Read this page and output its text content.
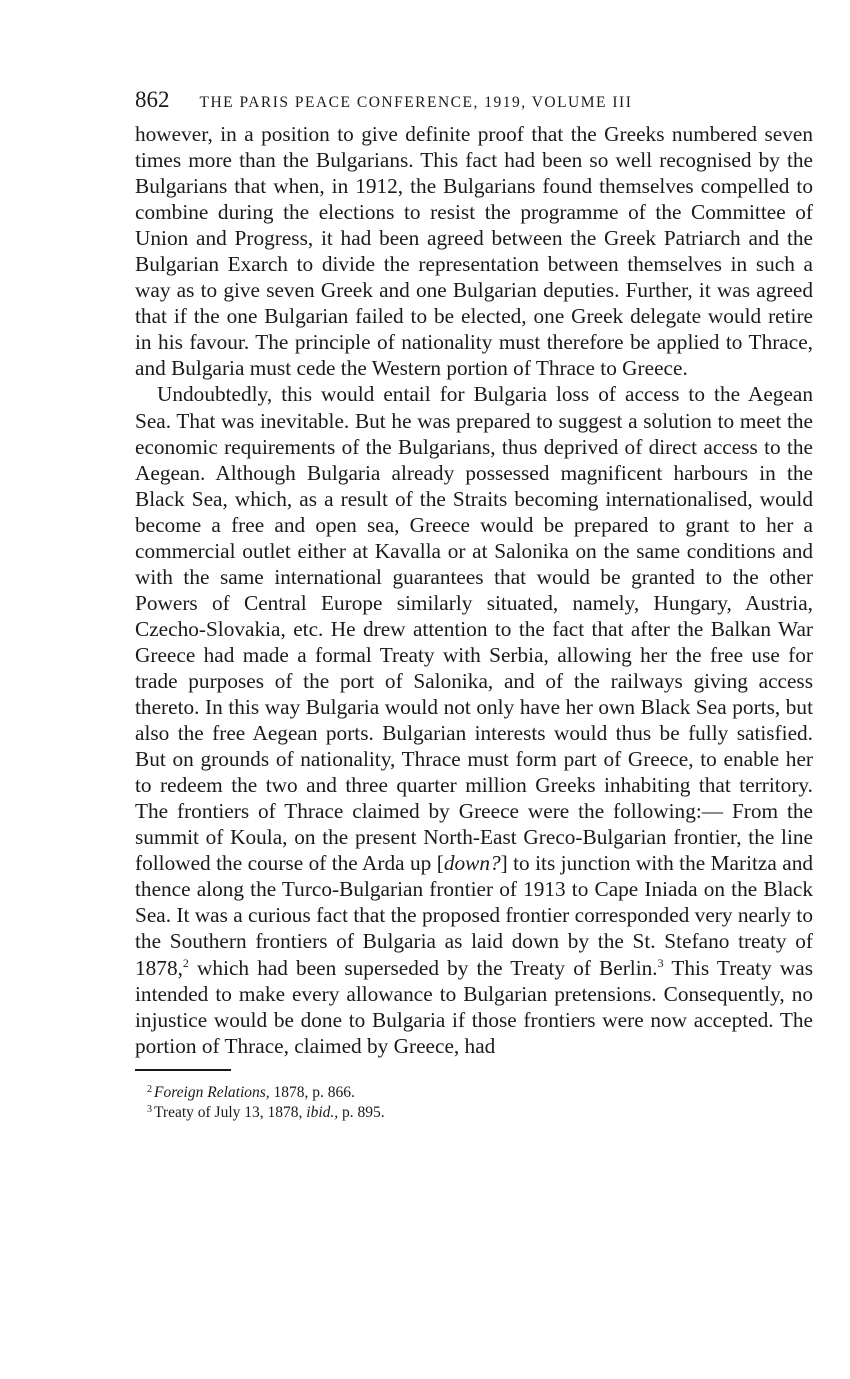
862 THE PARIS PEACE CONFERENCE, 1919, VOLUME III

however, in a position to give definite proof that the Greeks numbered seven times more than the Bulgarians. This fact had been so well recognised by the Bulgarians that when, in 1912, the Bulgarians found themselves compelled to combine during the elections to resist the programme of the Committee of Union and Progress, it had been agreed between the Greek Patriarch and the Bulgarian Exarch to divide the representation between themselves in such a way as to give seven Greek and one Bulgarian deputies. Further, it was agreed that if the one Bulgarian failed to be elected, one Greek delegate would retire in his favour. The principle of nationality must therefore be applied to Thrace, and Bulgaria must cede the Western portion of Thrace to Greece.

Undoubtedly, this would entail for Bulgaria loss of access to the Aegean Sea. That was inevitable. But he was prepared to suggest a solution to meet the economic requirements of the Bulgarians, thus deprived of direct access to the Aegean. Although Bulgaria already possessed magnificent harbours in the Black Sea, which, as a result of the Straits becoming internationalised, would become a free and open sea, Greece would be prepared to grant to her a commercial outlet either at Kavalla or at Salonika on the same conditions and with the same international guarantees that would be granted to the other Powers of Central Europe similarly situated, namely, Hungary, Austria, Czecho-Slovakia, etc. He drew attention to the fact that after the Balkan War Greece had made a formal Treaty with Serbia, allowing her the free use for trade purposes of the port of Salonika, and of the railways giving access thereto. In this way Bulgaria would not only have her own Black Sea ports, but also the free Aegean ports. Bulgarian interests would thus be fully satisfied. But on grounds of nationality, Thrace must form part of Greece, to enable her to redeem the two and three quarter million Greeks inhabiting that territory. The frontiers of Thrace claimed by Greece were the following:— From the summit of Koula, on the present North-East Greco-Bulgarian frontier, the line followed the course of the Arda up [down?] to its junction with the Maritza and thence along the Turco-Bulgarian frontier of 1913 to Cape Iniada on the Black Sea. It was a curious fact that the proposed frontier corresponded very nearly to the Southern frontiers of Bulgaria as laid down by the St. Stefano treaty of 1878,$^2$ which had been superseded by the Treaty of Berlin.$^3$ This Treaty was intended to make every allowance to Bulgarian pretensions. Consequently, no injustice would be done to Bulgaria if those frontiers were now accepted. The portion of Thrace, claimed by Greece, had

$^2$ Foreign Relations, 1878, p. 866.
$^3$ Treaty of July 13, 1878, ibid., p. 895.
